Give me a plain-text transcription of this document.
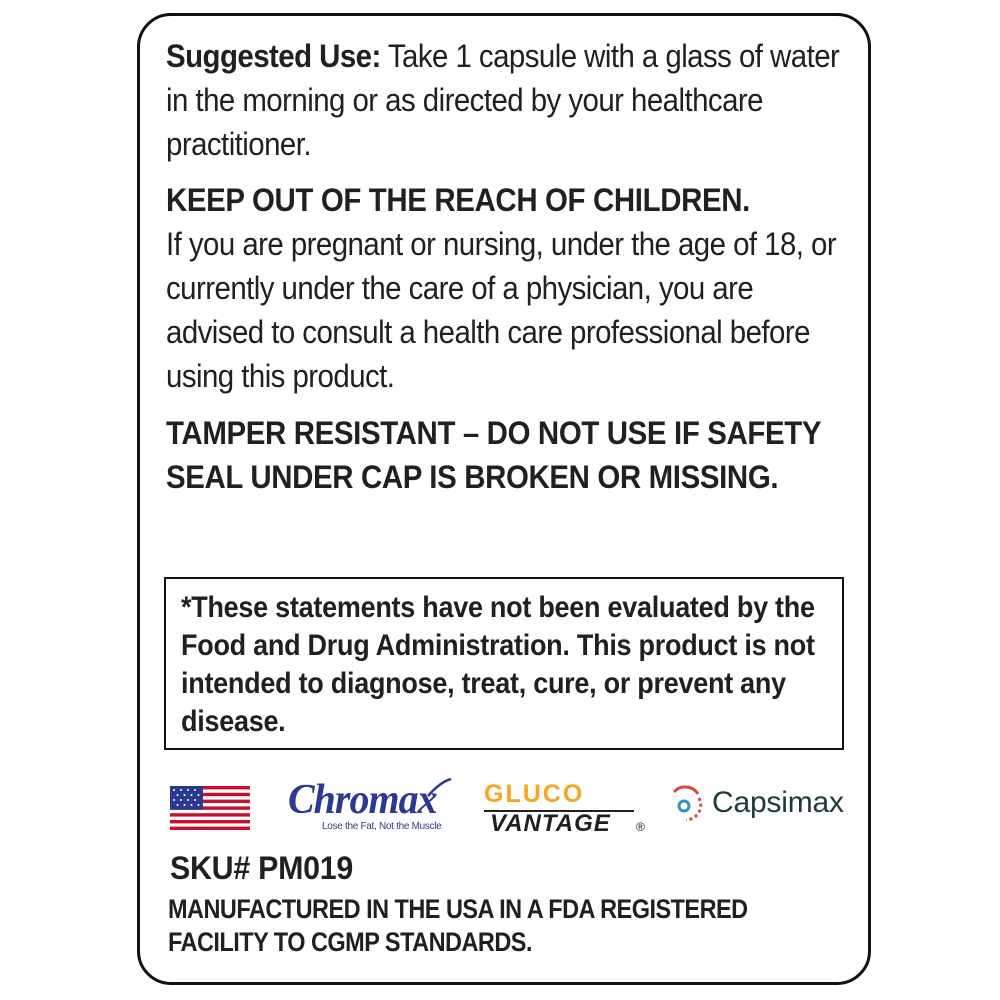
Suggested Use: Take 1 capsule with a glass of water in the morning or as directed by your healthcare practitioner.

KEEP OUT OF THE REACH OF CHILDREN.

If you are pregnant or nursing, under the age of 18, or currently under the care of a physician, you are advised to consult a health care professional before using this product.

TAMPER RESISTANT – DO NOT USE IF SAFETY SEAL UNDER CAP IS BROKEN OR MISSING.

*These statements have not been evaluated by the Food and Drug Administration. This product is not intended to diagnose, treat, cure, or prevent any disease.

Chromax
Lose the Fat, Not the Muscle
GLUCO
VANTAGE ®
Capsimax

SKU# PM019

MANUFACTURED IN THE USA IN A FDA REGISTERED FACILITY TO CGMP STANDARDS.
